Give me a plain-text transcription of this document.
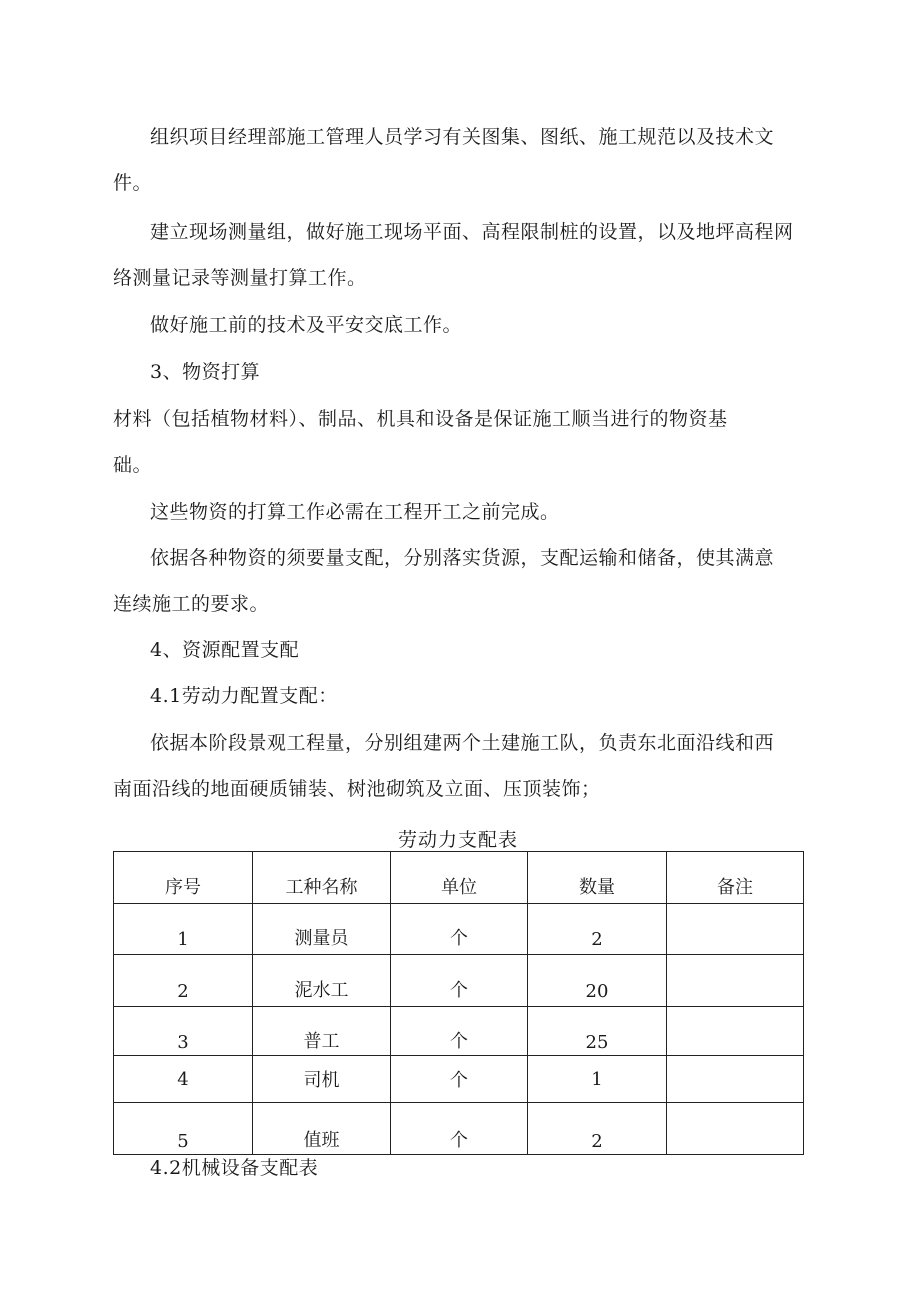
组织项目经理部施工管理人员学习有关图集、图纸、施工规范以及技术文
件。
建立现场测量组，做好施工现场平面、高程限制桩的设置，以及地坪高程网
络测量记录等测量打算工作。
做好施工前的技术及平安交底工作。
3、物资打算
材料（包括植物材料）、制品、机具和设备是保证施工顺当进行的物资基
础。
这些物资的打算工作必需在工程开工之前完成。
依据各种物资的须要量支配，分别落实货源，支配运输和储备，使其满意
连续施工的要求。
4、资源配置支配
4.1劳动力配置支配：
依据本阶段景观工程量，分别组建两个土建施工队，负责东北面沿线和西
南面沿线的地面硬质铺装、树池砌筑及立面、压顶装饰；
劳动力支配表
序号	工种名称	单位	数量	备注
1	测量员	个	2	
2	泥水工	个	20	
3	普工	个	25	
4	司机	个	1	
5	值班	个	2	
4.2机械设备支配表
